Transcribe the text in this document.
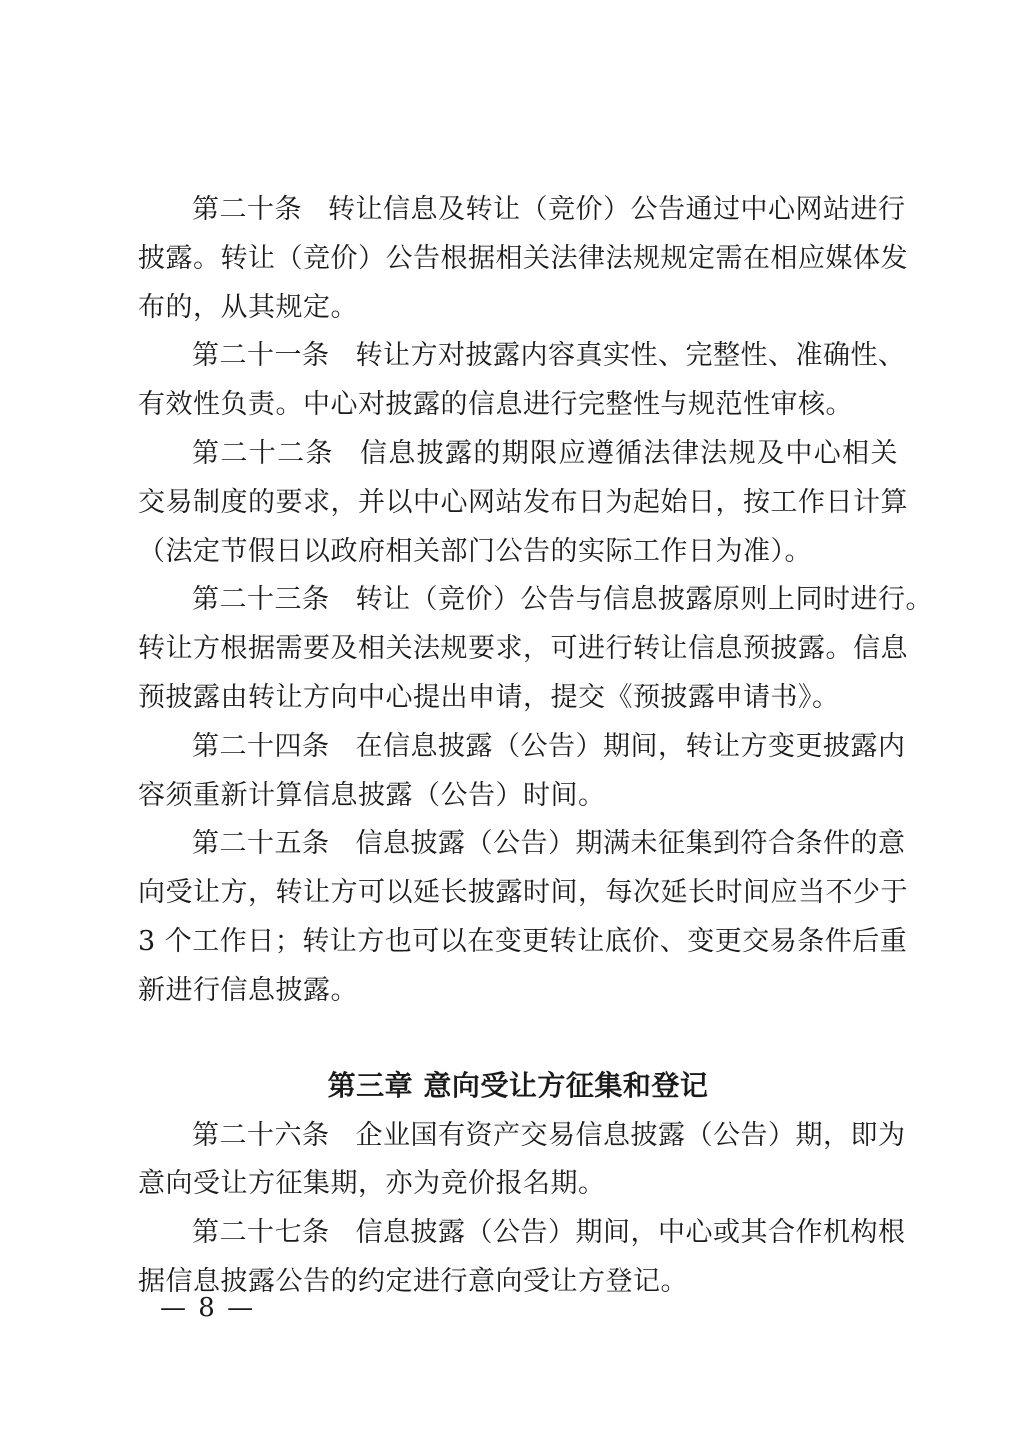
第二十条 转让信息及转让（竞价）公告通过中心网站进行
披露。转让（竞价）公告根据相关法律法规规定需在相应媒体发
布的，从其规定。
第二十一条 转让方对披露内容真实性、完整性、准确性、
有效性负责。中心对披露的信息进行完整性与规范性审核。
第二十二条 信息披露的期限应遵循法律法规及中心相关
交易制度的要求，并以中心网站发布日为起始日，按工作日计算
（法定节假日以政府相关部门公告的实际工作日为准）。
第二十三条 转让（竞价）公告与信息披露原则上同时进行。
转让方根据需要及相关法规要求，可进行转让信息预披露。信息
预披露由转让方向中心提出申请，提交《预披露申请书》。
第二十四条 在信息披露（公告）期间，转让方变更披露内
容须重新计算信息披露（公告）时间。
第二十五条 信息披露（公告）期满未征集到符合条件的意
向受让方，转让方可以延长披露时间，每次延长时间应当不少于
3 个工作日；转让方也可以在变更转让底价、变更交易条件后重
新进行信息披露。
第三章 意向受让方征集和登记
第二十六条 企业国有资产交易信息披露（公告）期，即为
意向受让方征集期，亦为竞价报名期。
第二十七条 信息披露（公告）期间，中心或其合作机构根
据信息披露公告的约定进行意向受让方登记。
— 8 —
